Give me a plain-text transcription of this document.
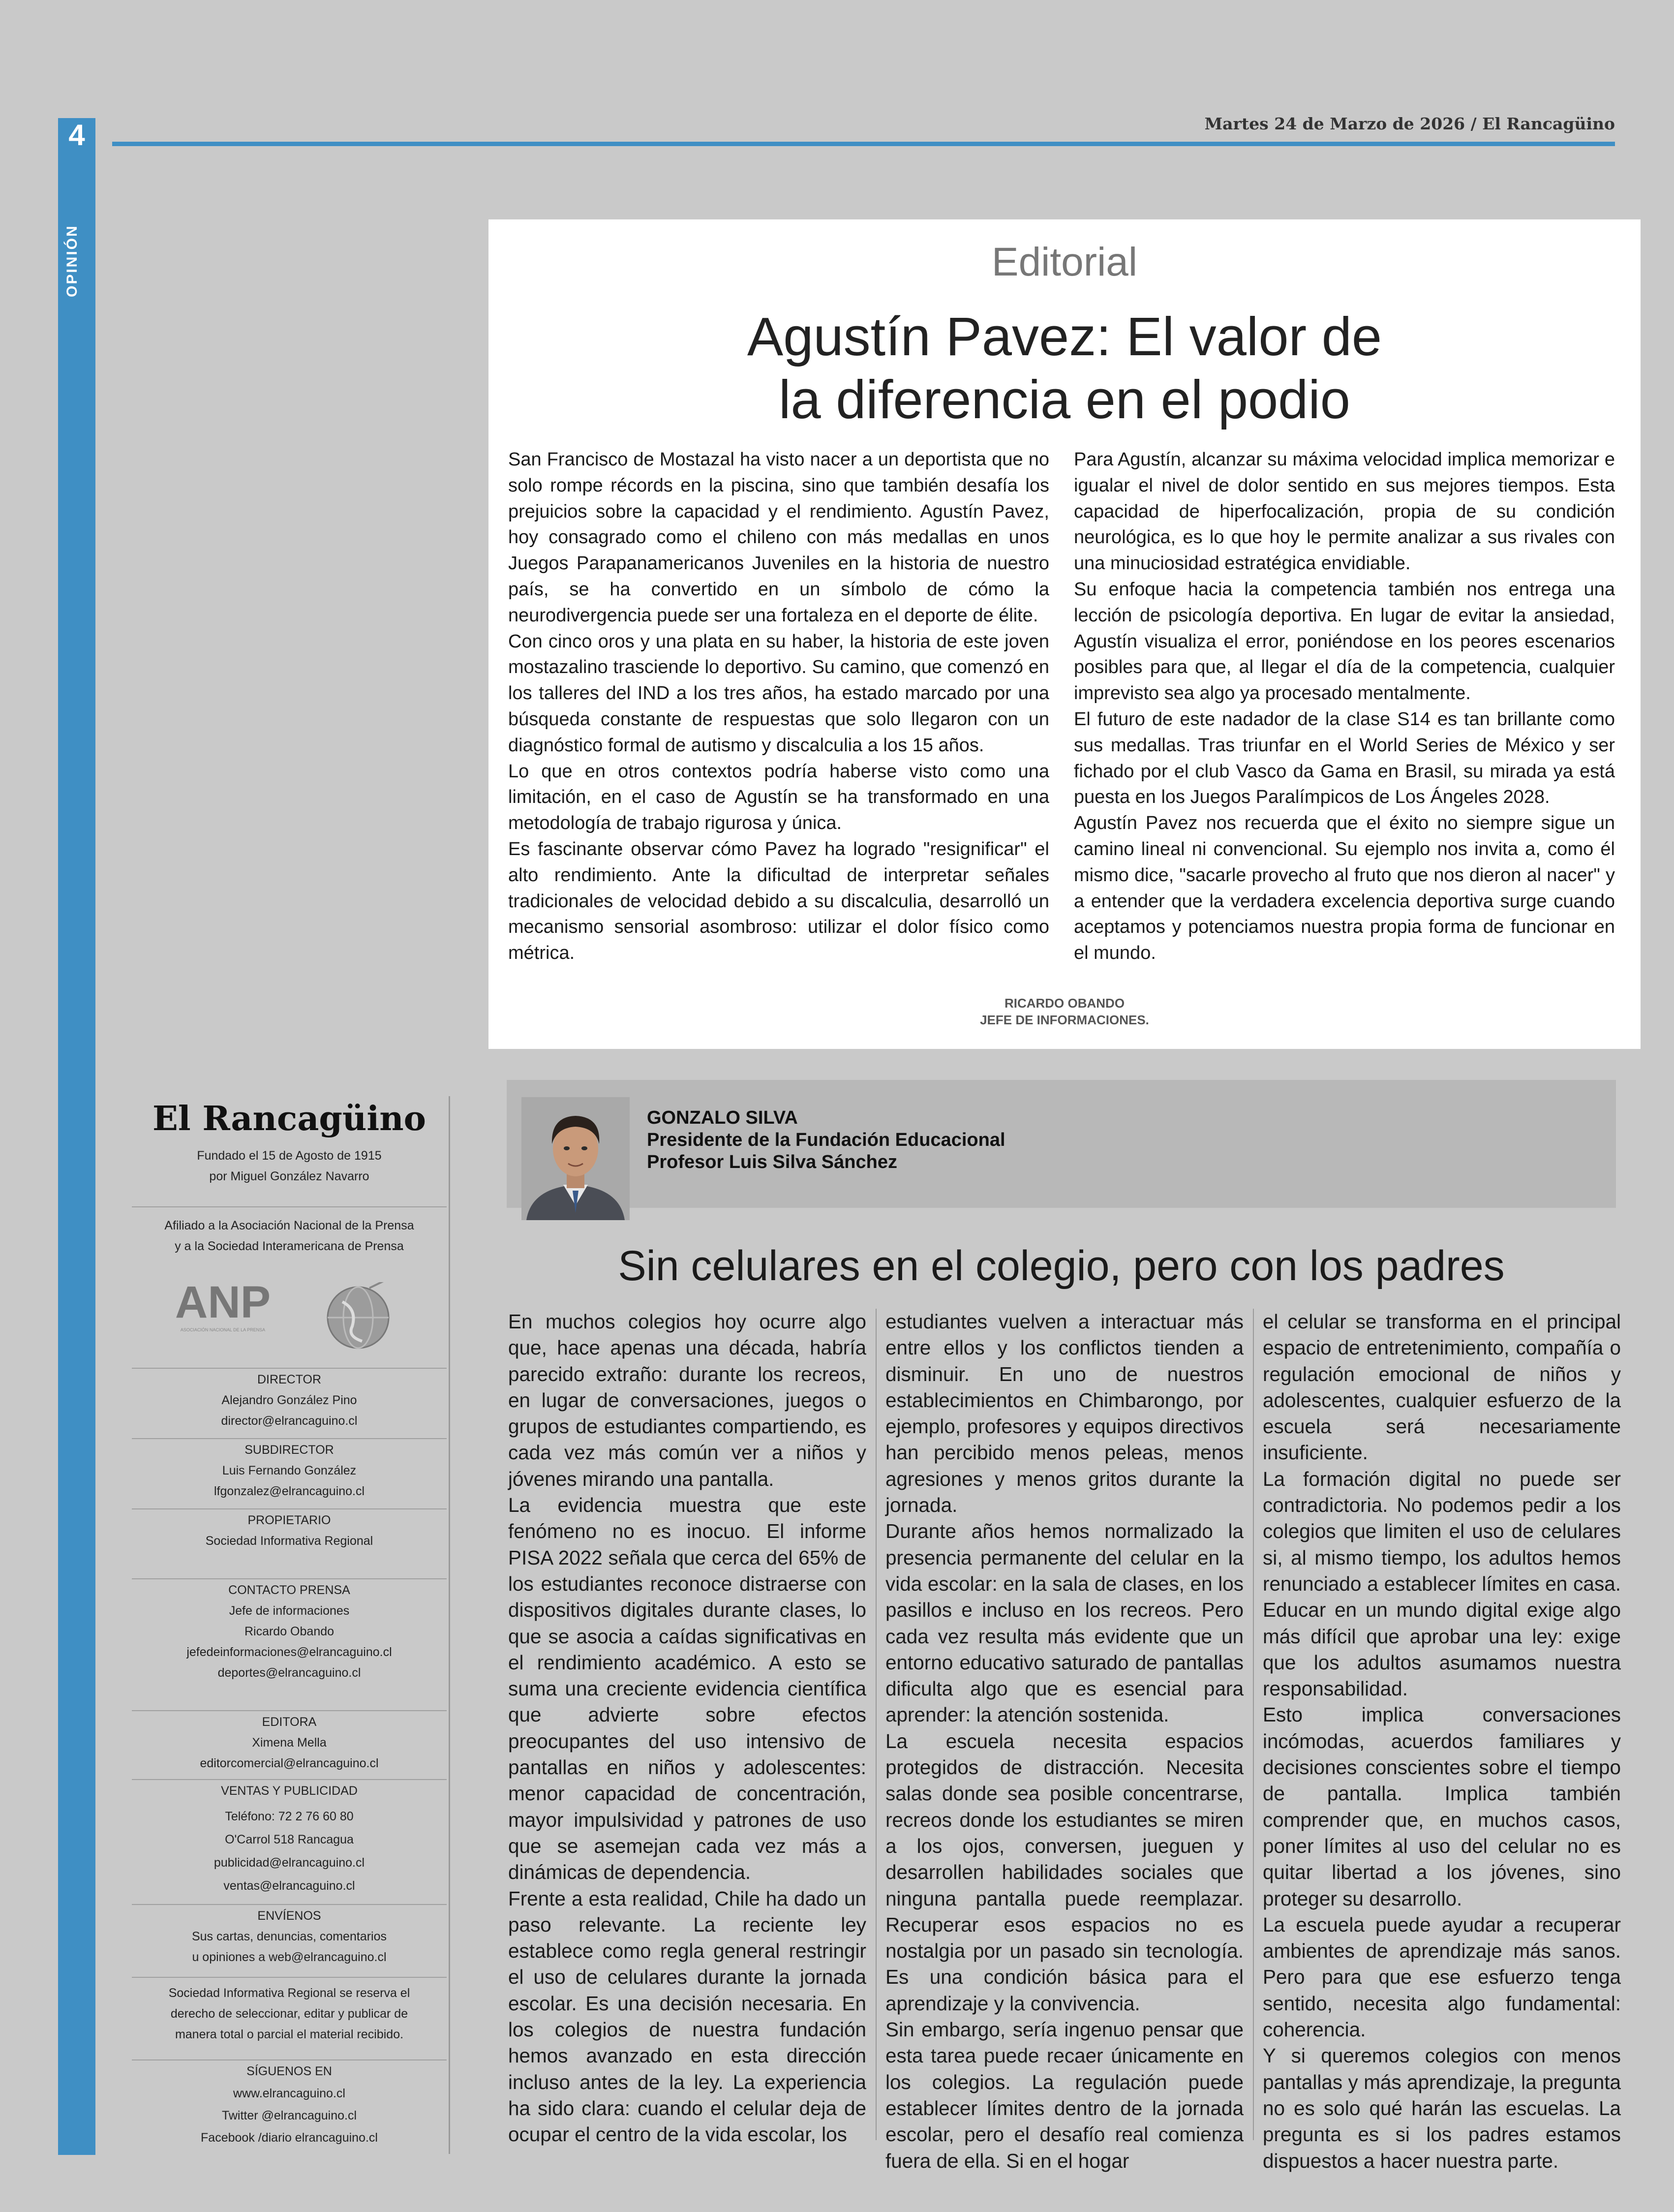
4
OPINIÓN
Martes 24 de Marzo de 2026 / El Rancagüino
Editorial
Agustín Pavez: El valor de
la diferencia en el podio

San Francisco de Mostazal ha visto nacer a un deportista que no solo rompe récords en la piscina, sino que también desafía los prejuicios sobre la capacidad y el rendimiento. Agustín Pavez, hoy consagrado como el chileno con más medallas en unos Juegos Parapanamericanos Juveniles en la historia de nuestro país, se ha convertido en un símbolo de cómo la neurodivergencia puede ser una fortaleza en el deporte de élite.

Con cinco oros y una plata en su haber, la historia de este joven mostazalino trasciende lo deportivo. Su camino, que comenzó en los talleres del IND a los tres años, ha estado marcado por una búsqueda constante de respuestas que solo llegaron con un diagnóstico formal de autismo y discalculia a los 15 años.

Lo que en otros contextos podría haberse visto como una limitación, en el caso de Agustín se ha transformado en una metodología de trabajo rigurosa y única.

Es fascinante observar cómo Pavez ha logrado "resignificar" el alto rendimiento. Ante la dificultad de interpretar señales tradicionales de velocidad debido a su discalculia, desarrolló un mecanismo sensorial asombroso: utilizar el dolor físico como métrica.

Para Agustín, alcanzar su máxima velocidad implica memorizar e igualar el nivel de dolor sentido en sus mejores tiempos. Esta capacidad de hiperfocalización, propia de su condición neurológica, es lo que hoy le permite analizar a sus rivales con una minuciosidad estratégica envidiable.

Su enfoque hacia la competencia también nos entrega una lección de psicología deportiva. En lugar de evitar la ansiedad, Agustín visualiza el error, poniéndose en los peores escenarios posibles para que, al llegar el día de la competencia, cualquier imprevisto sea algo ya procesado mentalmente.

El futuro de este nadador de la clase S14 es tan brillante como sus medallas. Tras triunfar en el World Series de México y ser fichado por el club Vasco da Gama en Brasil, su mirada ya está puesta en los Juegos Paralímpicos de Los Ángeles 2028.

Agustín Pavez nos recuerda que el éxito no siempre sigue un camino lineal ni convencional. Su ejemplo nos invita a, como él mismo dice, "sacarle provecho al fruto que nos dieron al nacer" y a entender que la verdadera excelencia deportiva surge cuando aceptamos y potenciamos nuestra propia forma de funcionar en el mundo.

RICARDO OBANDO
JEFE DE INFORMACIONES.
El Rancagüino
Fundado el 15 de Agosto de 1915
por Miguel González Navarro
Afiliado a la Asociación Nacional de la Prensa
y a la Sociedad Interamericana de Prensa
ANP
ASOCIACIÓN NACIONAL DE LA PRENSA
DIRECTOR
Alejandro González Pino
director@elrancaguino.cl
SUBDIRECTOR
Luis Fernando González
lfgonzalez@elrancaguino.cl
PROPIETARIO
Sociedad Informativa Regional
CONTACTO PRENSA
Jefe de informaciones
Ricardo Obando
jefedeinformaciones@elrancaguino.cl
deportes@elrancaguino.cl
EDITORA
Ximena Mella
editorcomercial@elrancaguino.cl
VENTAS Y PUBLICIDAD
Teléfono: 72 2 76 60 80
O'Carrol 518 Rancagua
publicidad@elrancaguino.cl
ventas@elrancaguino.cl
ENVÍENOS
Sus cartas, denuncias, comentarios
u opiniones a web@elrancaguino.cl
Sociedad Informativa Regional se reserva el
derecho de seleccionar, editar y publicar de
manera total o parcial el material recibido.
SÍGUENOS EN
www.elrancaguino.cl
Twitter @elrancaguino.cl
Facebook /diario elrancaguino.cl
GONZALO SILVA
Presidente de la Fundación Educacional
Profesor Luis Silva Sánchez
Sin celulares en el colegio, pero con los padres

En muchos colegios hoy ocurre algo que, hace apenas una década, habría parecido extraño: durante los recreos, en lugar de conversaciones, juegos o grupos de estudiantes compartiendo, es cada vez más común ver a niños y jóvenes mirando una pantalla.

La evidencia muestra que este fenómeno no es inocuo. El informe PISA 2022 señala que cerca del 65% de los estudiantes reconoce distraerse con dispositivos digitales durante clases, lo que se asocia a caídas significativas en el rendimiento académico. A esto se suma una creciente evidencia científica que advierte sobre efectos preocupantes del uso intensivo de pantallas en niños y adolescentes: menor capacidad de concentración, mayor impulsividad y patrones de uso que se asemejan cada vez más a dinámicas de dependencia.

Frente a esta realidad, Chile ha dado un paso relevante. La reciente ley establece como regla general restringir el uso de celulares durante la jornada escolar. Es una decisión necesaria. En los colegios de nuestra fundación hemos avanzado en esta dirección incluso antes de la ley. La experiencia ha sido clara: cuando el celular deja de ocupar el centro de la vida escolar, los

estudiantes vuelven a interactuar más entre ellos y los conflictos tienden a disminuir. En uno de nuestros establecimientos en Chimbarongo, por ejemplo, profesores y equipos directivos han percibido menos peleas, menos agresiones y menos gritos durante la jornada.

Durante años hemos normalizado la presencia permanente del celular en la vida escolar: en la sala de clases, en los pasillos e incluso en los recreos. Pero cada vez resulta más evidente que un entorno educativo saturado de pantallas dificulta algo que es esencial para aprender: la atención sostenida.

La escuela necesita espacios protegidos de distracción. Necesita salas donde sea posible concentrarse, recreos donde los estudiantes se miren a los ojos, conversen, jueguen y desarrollen habilidades sociales que ninguna pantalla puede reemplazar. Recuperar esos espacios no es nostalgia por un pasado sin tecnología. Es una condición básica para el aprendizaje y la convivencia.

Sin embargo, sería ingenuo pensar que esta tarea puede recaer únicamente en los colegios. La regulación puede establecer límites dentro de la jornada escolar, pero el desafío real comienza fuera de ella. Si en el hogar

el celular se transforma en el principal espacio de entretenimiento, compañía o regulación emocional de niños y adolescentes, cualquier esfuerzo de la escuela será necesariamente insuficiente.

La formación digital no puede ser contradictoria. No podemos pedir a los colegios que limiten el uso de celulares si, al mismo tiempo, los adultos hemos renunciado a establecer límites en casa. Educar en un mundo digital exige algo más difícil que aprobar una ley: exige que los adultos asumamos nuestra responsabilidad.

Esto implica conversaciones incómodas, acuerdos familiares y decisiones conscientes sobre el tiempo de pantalla. Implica también comprender que, en muchos casos, poner límites al uso del celular no es quitar libertad a los jóvenes, sino proteger su desarrollo.

La escuela puede ayudar a recuperar ambientes de aprendizaje más sanos. Pero para que ese esfuerzo tenga sentido, necesita algo fundamental: coherencia.

Y si queremos colegios con menos pantallas y más aprendizaje, la pregunta no es solo qué harán las escuelas. La pregunta es si los padres estamos dispuestos a hacer nuestra parte.
